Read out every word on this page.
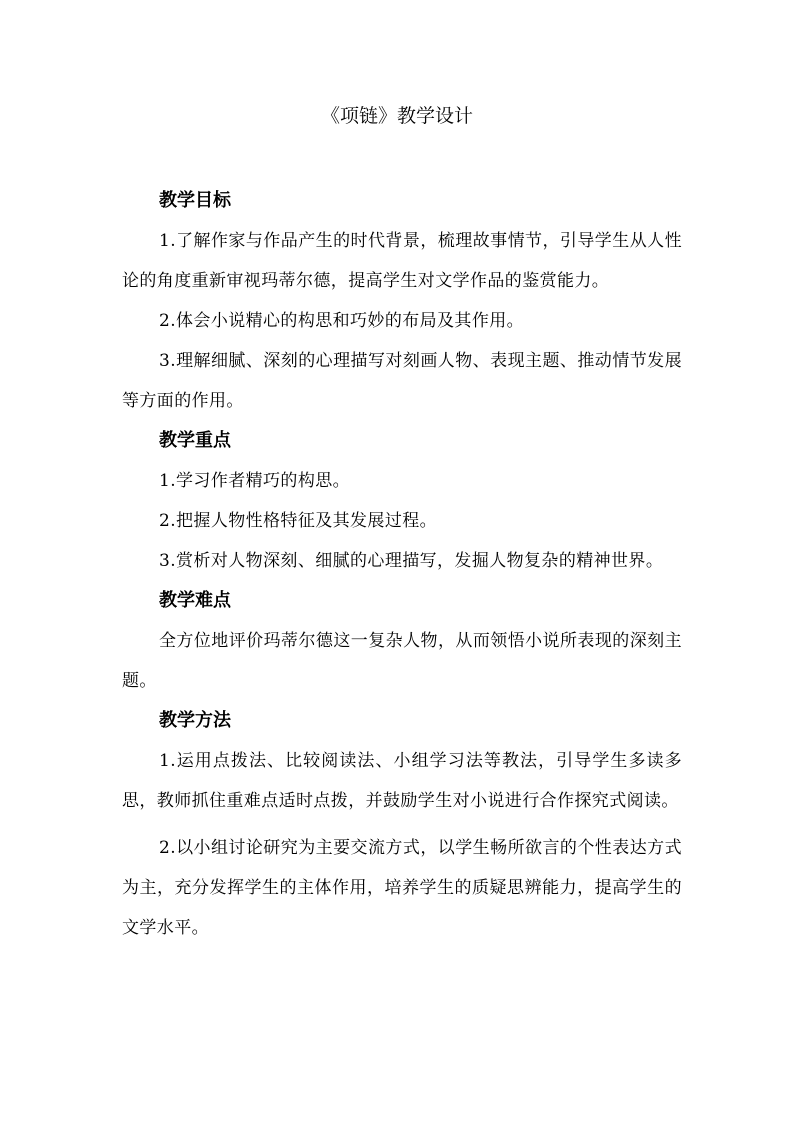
《项链》教学设计
教学目标
1.了解作家与作品产生的时代背景，梳理故事情节，引导学生从人性论的角度重新审视玛蒂尔德，提高学生对文学作品的鉴赏能力。
2.体会小说精心的构思和巧妙的布局及其作用。
3.理解细腻、深刻的心理描写对刻画人物、表现主题、推动情节发展等方面的作用。
教学重点
1.学习作者精巧的构思。
2.把握人物性格特征及其发展过程。
3.赏析对人物深刻、细腻的心理描写，发掘人物复杂的精神世界。
教学难点
全方位地评价玛蒂尔德这一复杂人物，从而领悟小说所表现的深刻主题。
教学方法
1.运用点拨法、比较阅读法、小组学习法等教法，引导学生多读多思，教师抓住重难点适时点拨，并鼓励学生对小说进行合作探究式阅读。
2.以小组讨论研究为主要交流方式，以学生畅所欲言的个性表达方式为主，充分发挥学生的主体作用，培养学生的质疑思辨能力，提高学生的文学水平。
